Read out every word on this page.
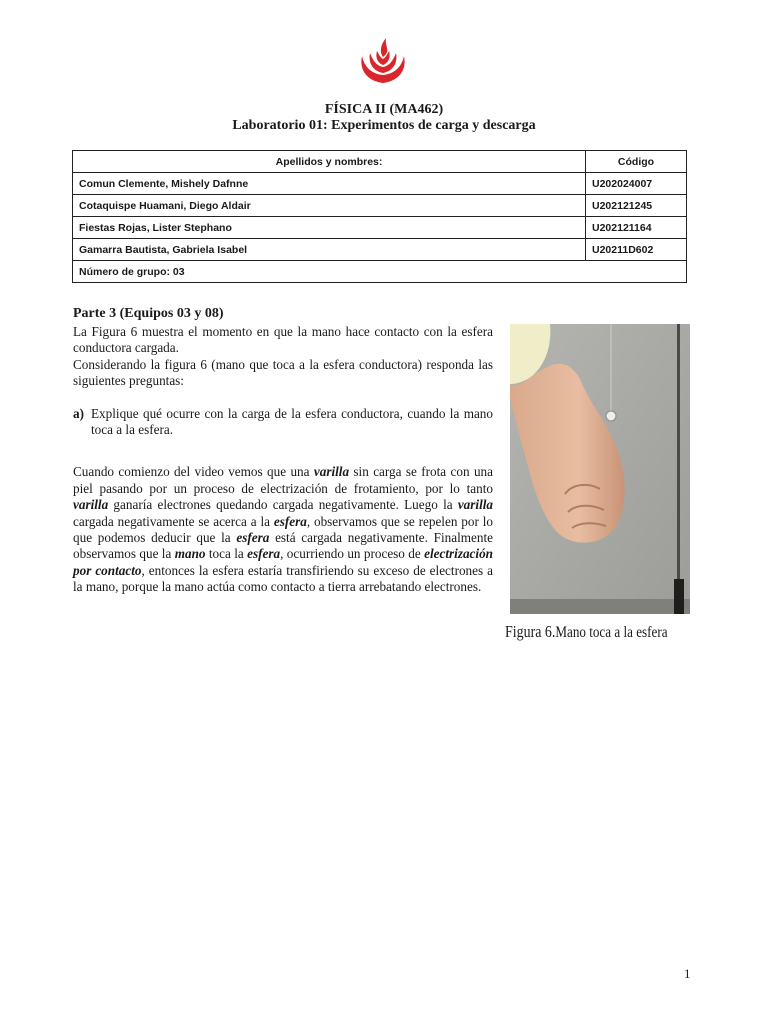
FÍSICA II (MA462)
Laboratorio 01: Experimentos de carga y descarga
Apellidos y nombres:	Código
Comun Clemente, Mishely Dafnne	U202024007
Cotaquispe Huamani, Diego Aldair	U202121245
Fiestas Rojas, Lister Stephano	U202121164
Gamarra Bautista, Gabriela Isabel	U20211D602
Número de grupo: 03	
Parte 3 (Equipos 03 y 08)

La Figura 6 muestra el momento en que la mano hace contacto con la esfera conductora cargada.

Considerando la figura 6 (mano que toca a la esfera conductora) responda las siguientes preguntas:

a) Explique qué ocurre con la carga de la esfera conductora, cuando la mano toca a la esfera.

Cuando comienzo del video vemos que una varilla sin carga se frota con una piel pasando por un proceso de electrización de frotamiento, por lo tanto varilla ganaría electrones quedando cargada negativamente. Luego la varilla cargada negativamente se acerca a la esfera, observamos que se repelen por lo que podemos deducir que la esfera está cargada negativamente. Finalmente observamos que la mano toca la esfera, ocurriendo un proceso de electrización por contacto, entonces la esfera estaría transfiriendo su exceso de electrones a la mano, porque la mano actúa como contacto a tierra arrebatando electrones.

Figura 6.Mano toca a la esfera
1
